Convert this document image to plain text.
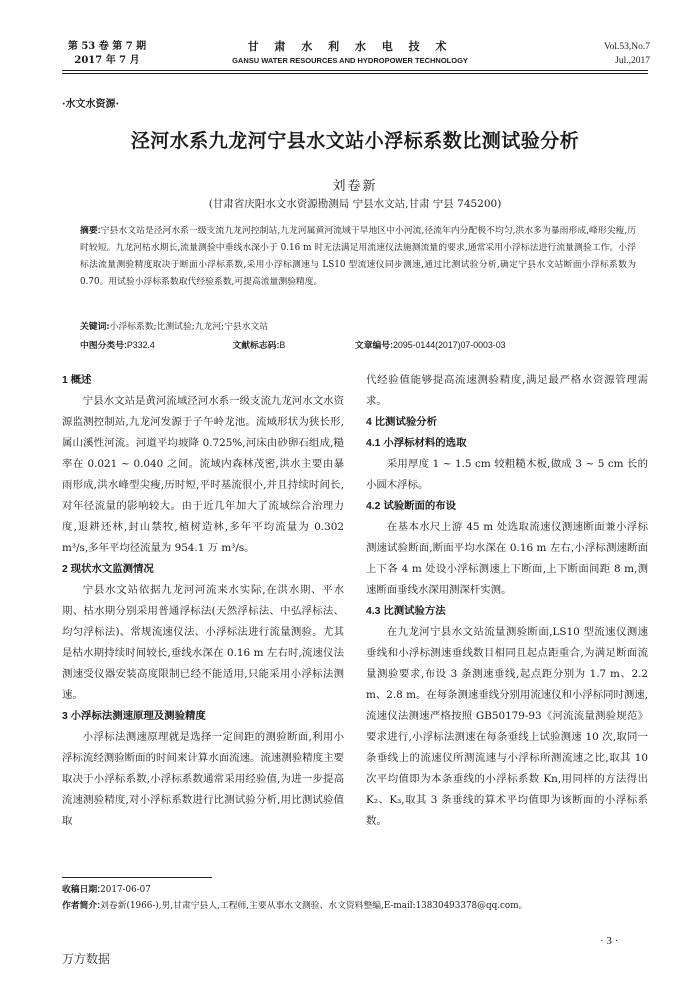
第 53 卷 第 7 期
2017 年 7 月
甘 肃 水 利 水 电 技 术
GANSU WATER RESOURCES AND HYDROPOWER TECHNOLOGY
Vol.53,No.7
Jul.,2017
·水文水资源·
泾河水系九龙河宁县水文站小浮标系数比测试验分析
刘卷新
(甘肃省庆阳水文水资源勘测局 宁县水文站,甘肃 宁县 745200)
摘要:宁县水文站是泾河水系一级支流九龙河控制站,九龙河属黄河流域干旱地区中小河流,径流年内分配极不均匀,洪水多为暴雨形成,峰形尖瘦,历时较短。九龙河枯水期长,流量测验中垂线水深小于 0.16 m 时无法满足用流速仪法施测流量的要求,通常采用小浮标法进行流量测验工作。小浮标法流量测验精度取决于断面小浮标系数,采用小浮标测速与 LS10 型流速仪同步测速,通过比测试验分析,确定宁县水文站断面小浮标系数为 0.70。用试验小浮标系数取代经验系数,可提高流量测验精度。
关键词:小浮标系数;比测试验;九龙河;宁县水文站
中图分类号:P332.4	文献标志码:B	文章编号:2095-0144(2017)07-0003-03
1 概述

宁县水文站是黄河流域泾河水系一级支流九龙河水文水资源监测控制站,九龙河发源于子午岭龙池。流域形状为狭长形,属山溪性河流。河道平均坡降 0.725%,河床由砂卵石组成,糙率在 0.021 ~ 0.040 之间。流域内森林茂密,洪水主要由暴雨形成,洪水峰型尖瘦,历时短,平时基流很小,并且持续时间长,对年径流量的影响较大。由于近几年加大了流域综合治理力度,退耕还林,封山禁牧,植树造林,多年平均流量为 0.302 m³/s,多年平均径流量为 954.1 万 m³/s。

2 现状水文监测情况

宁县水文站依据九龙河河流来水实际,在洪水期、平水期、枯水期分别采用普通浮标法(天然浮标法、中弘浮标法、均匀浮标法)、常规流速仪法、小浮标法进行流量测验。尤其是枯水期持续时间较长,垂线水深在 0.16 m 左右时,流速仪法测速受仪器安装高度限制已经不能适用,只能采用小浮标法测速。

3 小浮标法测速原理及测验精度

小浮标法测速原理就是选择一定间距的测验断面,利用小浮标流经测验断面的时间来计算水面流速。流速测验精度主要取决于小浮标系数,小浮标系数通常采用经验值,为进一步提高流速测验精度,对小浮标系数进行比测试验分析,用比测试验值取

代经验值能够提高流速测验精度,满足最严格水资源管理需求。

4 比测试验分析
4.1 小浮标材料的选取

采用厚度 1 ~ 1.5 cm 较粗糙木板,做成 3 ~ 5 cm 长的小圆木浮标。

4.2 试验断面的布设

在基本水尺上游 45 m 处选取流速仪测速断面兼小浮标测速试验断面,断面平均水深在 0.16 m 左右,小浮标测速断面上下各 4 m 处设小浮标测速上下断面,上下断面间距 8 m,测速断面垂线水深用测深杆实测。

4.3 比测试验方法

在九龙河宁县水文站流量测验断面,LS10 型流速仪测速垂线和小浮标测速垂线数目相同且起点距重合,为满足断面流量测验要求,布设 3 条测速垂线,起点距分别为 1.7 m、2.2 m、2.8 m。在每条测速垂线分别用流速仪和小浮标同时测速,流速仪法测速严格按照 GB50179-93《河流流量测验规范》要求进行,小浮标法测速在每条垂线上试验测速 10 次,取同一条垂线上的流速仪所测流速与小浮标所测流速之比,取其 10 次平均值即为本条垂线的小浮标系数 Kn,用同样的方法得出 K₂、K₃,取其 3 条垂线的算术平均值即为该断面的小浮标系数。

收稿日期:2017-06-07
作者简介:刘卷新(1966-),男,甘肃宁县人,工程师,主要从事水文测验、水文资料整编,E-mail:13830493378@qq.com。
· 3 ·
万方数据
